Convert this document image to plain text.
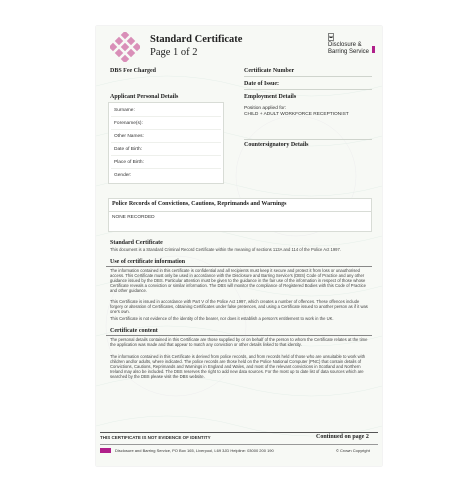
Standard Certificate
Page 1 of 2
Disclosure & Barring Service
DBS Fee Charged
Applicant Personal Details
Surname:
Forename(s):
Other Names:
Date of Birth:
Place of Birth:
Gender:
Certificate Number
Date of Issue:
Employment Details
Position applied for:
CHILD + ADULT WORKFORCE RECEPTIONIST
Countersignatory Details
Police Records of Convictions, Cautions, Reprimands and Warnings
NONE RECORDED
Standard Certificate

This document is a Standard Criminal Record Certificate within the meaning of sections 113A and 114 of the Police Act 1997.

Use of certificate information

The information contained in this certificate is confidential and all recipients must keep it secure and protect it from loss or unauthorised access. This Certificate must only be used in accordance with the Disclosure and Barring Service's (DBS) Code of Practice and any other guidance issued by the DBS. Particular attention must be given to the guidance in the fair use of the information in respect of those whose Certificate reveals a conviction or similar information. The DBS will monitor the compliance of Registered Bodies with this Code of Practice and other guidance.

This Certificate is issued in accordance with Part V of the Police Act 1997, which creates a number of offences. These offences include forgery or alteration of Certificates, obtaining Certificates under false pretences, and using a Certificate issued to another person as if it was one's own.

This Certificate is not evidence of the identity of the bearer, nor does it establish a person's entitlement to work in the UK.

Certificate content

The personal details contained in this Certificate are those supplied by or on behalf of the person to whom the Certificate relates at the time the application was made and that appear to match any conviction or other details linked to that identity.

The information contained in this Certificate is derived from police records, and from records held of those who are unsuitable to work with children and/or adults, where indicated. The police records are those held on the Police National Computer (PNC) that contain details of Convictions, Cautions, Reprimands and Warnings in England and Wales, and most of the relevant convictions in Scotland and Northern Ireland may also be included. The DBS reserves the right to add new data sources. For the most up to date list of data sources which are searched by the DBS please visit the DBS website.

THIS CERTIFICATE IS NOT EVIDENCE OF IDENTITY	Continued on page 2
Disclosure and Barring Service, PO Box 165, Liverpool, L69 3JD Helpline: 03000 200 190	© Crown Copyright
